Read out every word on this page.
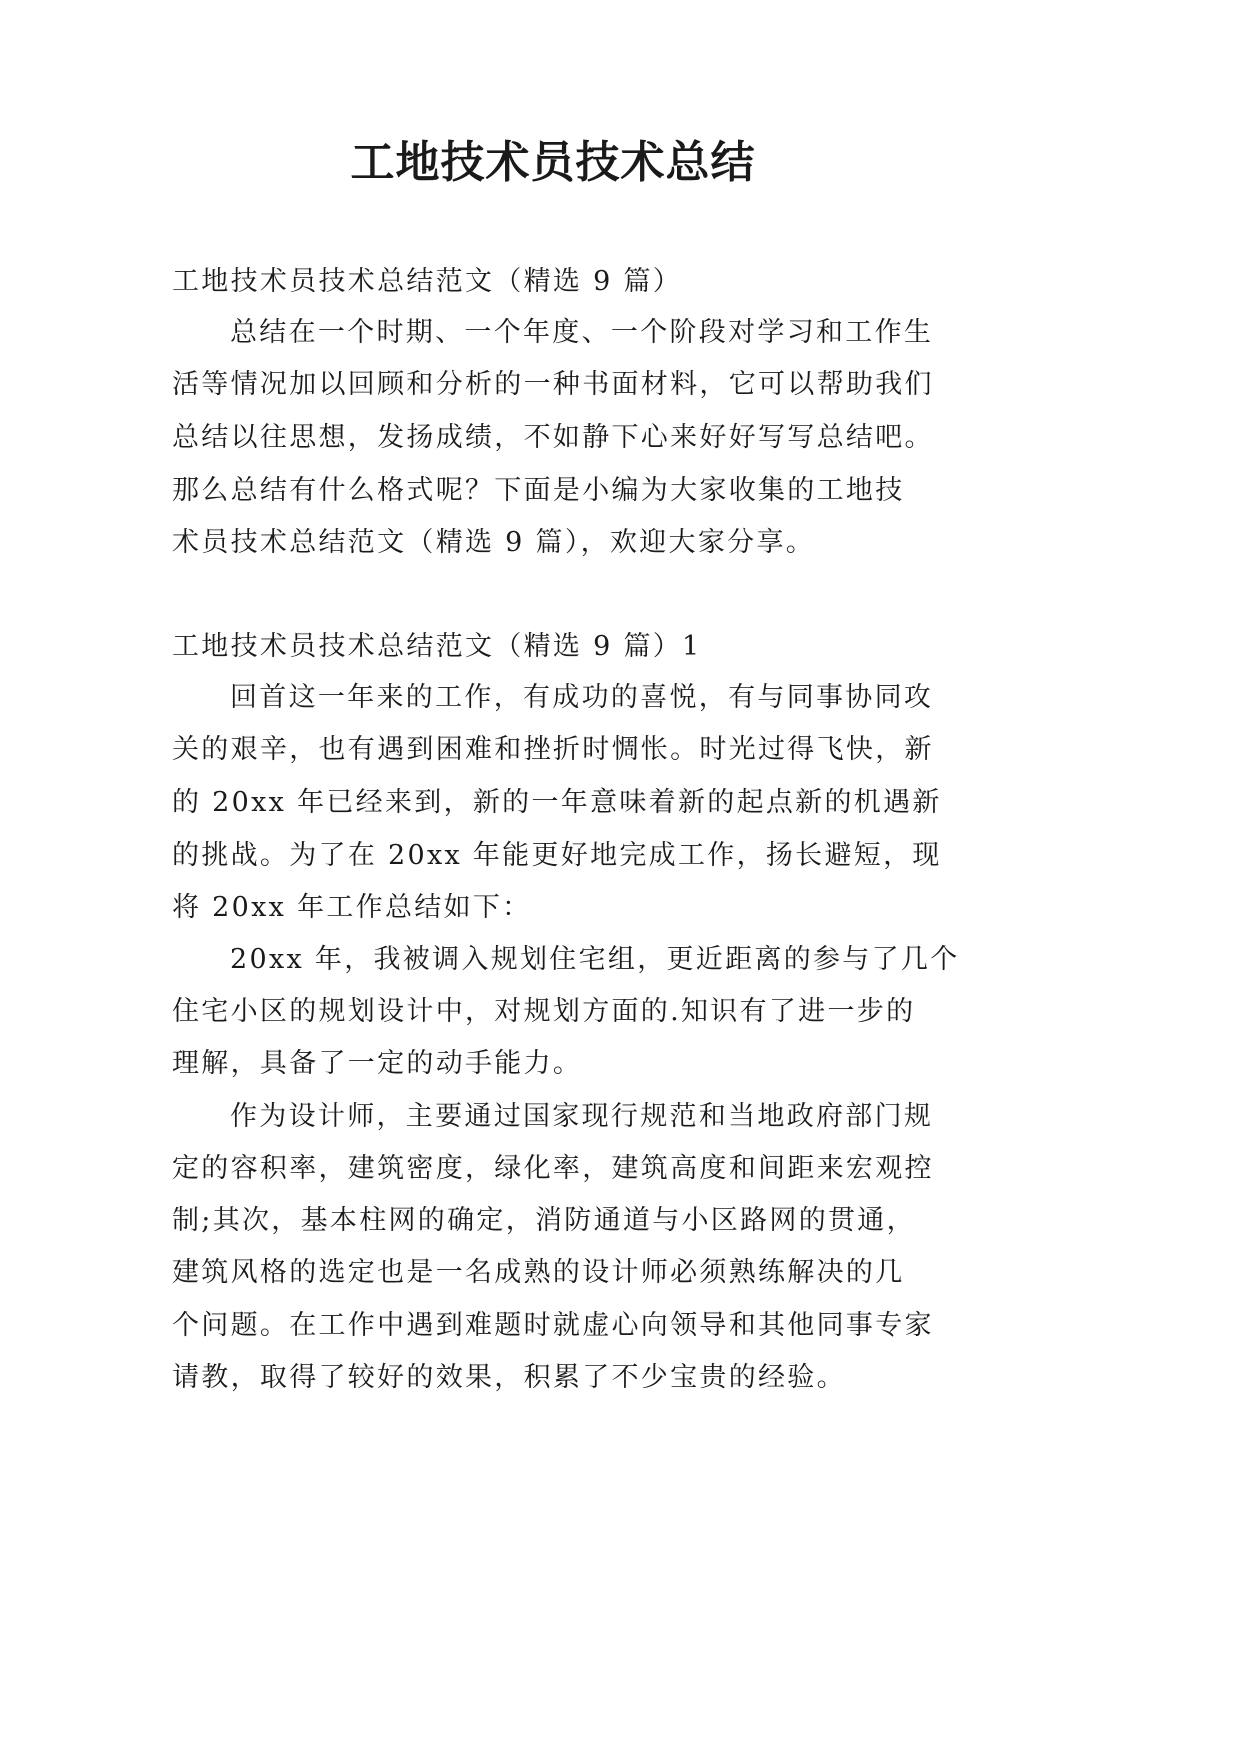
工地技术员技术总结
工地技术员技术总结范文（精选 9 篇）
总结在一个时期、一个年度、一个阶段对学习和工作生
活等情况加以回顾和分析的一种书面材料，它可以帮助我们
总结以往思想，发扬成绩，不如静下心来好好写写总结吧。
那么总结有什么格式呢？下面是小编为大家收集的工地技
术员技术总结范文（精选 9 篇），欢迎大家分享。
工地技术员技术总结范文（精选 9 篇）1
回首这一年来的工作，有成功的喜悦，有与同事协同攻
关的艰辛，也有遇到困难和挫折时惆怅。时光过得飞快，新
的 20xx 年已经来到，新的一年意味着新的起点新的机遇新
的挑战。为了在 20xx 年能更好地完成工作，扬长避短，现
将 20xx 年工作总结如下：
20xx 年，我被调入规划住宅组，更近距离的参与了几个
住宅小区的规划设计中，对规划方面的.知识有了进一步的
理解，具备了一定的动手能力。
作为设计师，主要通过国家现行规范和当地政府部门规
定的容积率，建筑密度，绿化率，建筑高度和间距来宏观控
制;其次，基本柱网的确定，消防通道与小区路网的贯通，
建筑风格的选定也是一名成熟的设计师必须熟练解决的几
个问题。在工作中遇到难题时就虚心向领导和其他同事专家
请教，取得了较好的效果，积累了不少宝贵的经验。
